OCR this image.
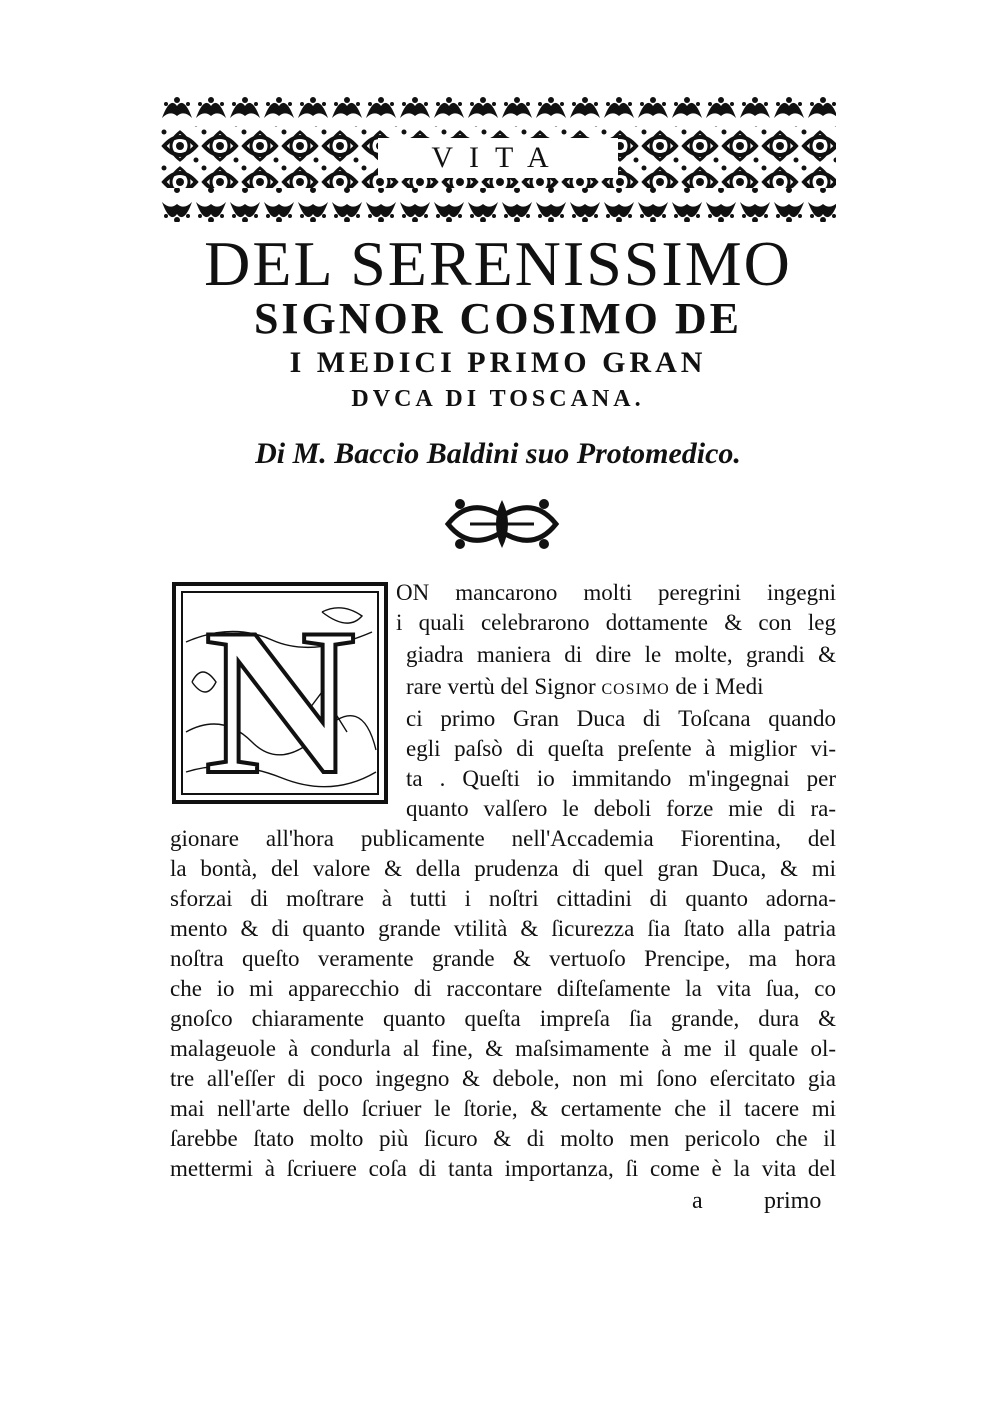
VITA
DEL SERENISSIMO
SIGNOR COSIMO DE
I MEDICI PRIMO GRAN
DVCA DI TOSCANA.
Di M. Baccio Baldini suo Protomedico.
N ON mancarono molti peregrini ingegni
i quali celebrarono dottamente & con leg
giadra maniera di dire le molte, grandi &
rare vertù del Signor COSIMO de i Medi
ci primo Gran Duca di Toſcana quando
egli paſsò di queſta preſente à miglior vi-
ta . Queſti io immitando m'ingegnai per
quanto valſero le deboli forze mie di ra-
gionare all'hora publicamente nell'Accademia Fiorentina, del
la bontà, del valore & della prudenza di quel gran Duca, & mi
sforzai di moſtrare à tutti i noſtri cittadini di quanto adorna-
mento & di quanto grande vtilità & ſicurezza ſia ſtato alla patria
noſtra queſto veramente grande & vertuoſo Prencipe, ma hora
che io mi apparecchio di raccontare diſteſamente la vita ſua, co
gnoſco chiaramente quanto queſta impreſa ſia grande, dura &
malageuole à condurla al fine, & maſsimamente à me il quale ol-
tre all'eſſer di poco ingegno & debole, non mi ſono eſercitato gia
mai nell'arte dello ſcriuer le ſtorie, & certamente che il tacere mi
ſarebbe ſtato molto più ſicuro & di molto men pericolo che il
mettermi à ſcriuere coſa di tanta importanza, ſi come è la vita del
a	primo
